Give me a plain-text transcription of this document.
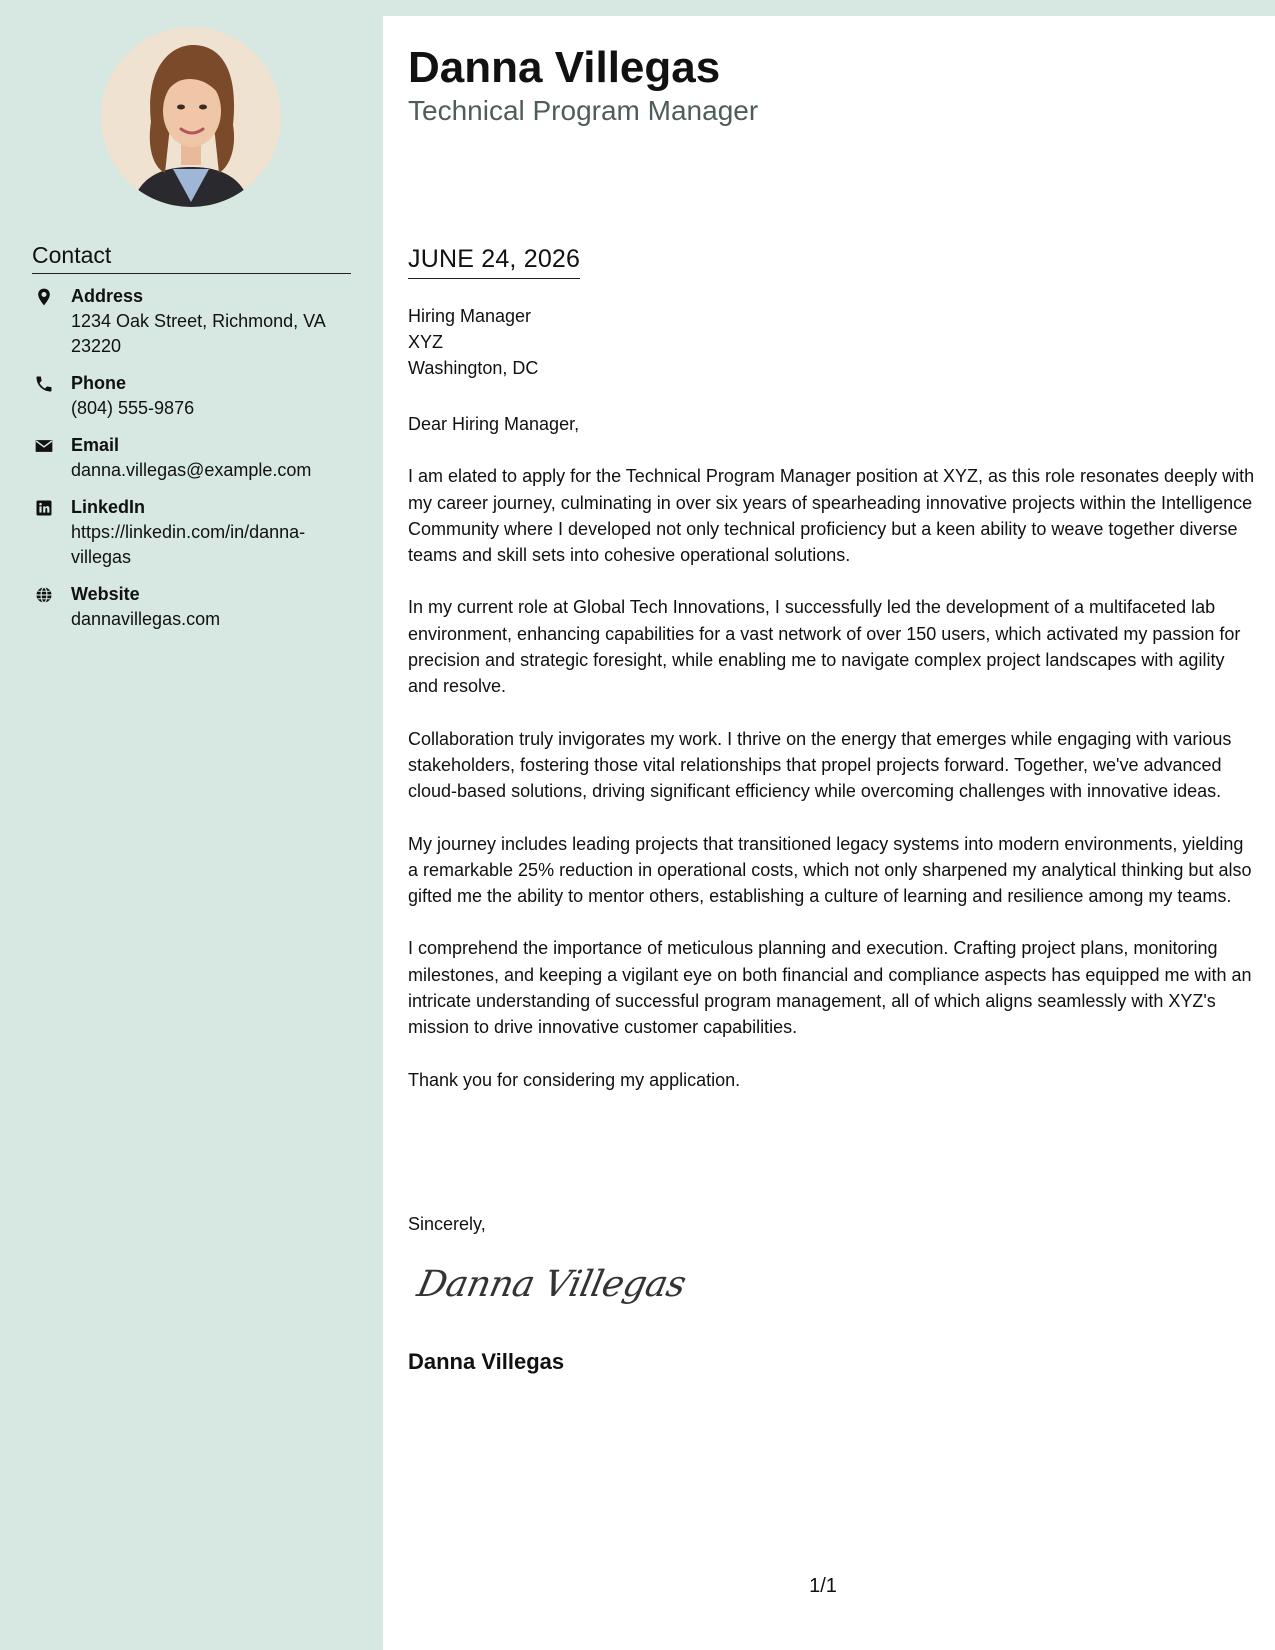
Contact
Address
1234 Oak Street, Richmond, VA 23220
Phone
(804) 555-9876
Email
danna.villegas@example.com
LinkedIn
https://linkedin.com/in/danna-villegas
Website
dannavillegas.com
Danna Villegas
Technical Program Manager
JUNE 24, 2026
Hiring Manager
XYZ
Washington, DC

Dear Hiring Manager,

I am elated to apply for the Technical Program Manager position at XYZ, as this role resonates deeply with my career journey, culminating in over six years of spearheading innovative projects within the Intelligence Community where I developed not only technical proficiency but a keen ability to weave together diverse teams and skill sets into cohesive operational solutions.

In my current role at Global Tech Innovations, I successfully led the development of a multifaceted lab environment, enhancing capabilities for a vast network of over 150 users, which activated my passion for precision and strategic foresight, while enabling me to navigate complex project landscapes with agility and resolve.

Collaboration truly invigorates my work. I thrive on the energy that emerges while engaging with various stakeholders, fostering those vital relationships that propel projects forward. Together, we've advanced cloud-based solutions, driving significant efficiency while overcoming challenges with innovative ideas.

My journey includes leading projects that transitioned legacy systems into modern environments, yielding a remarkable 25% reduction in operational costs, which not only sharpened my analytical thinking but also gifted me the ability to mentor others, establishing a culture of learning and resilience among my teams.

I comprehend the importance of meticulous planning and execution. Crafting project plans, monitoring milestones, and keeping a vigilant eye on both financial and compliance aspects has equipped me with an intricate understanding of successful program management, all of which aligns seamlessly with XYZ's mission to drive innovative customer capabilities.

Thank you for considering my application.

Sincerely,
Danna Villegas
Danna Villegas
1/1
